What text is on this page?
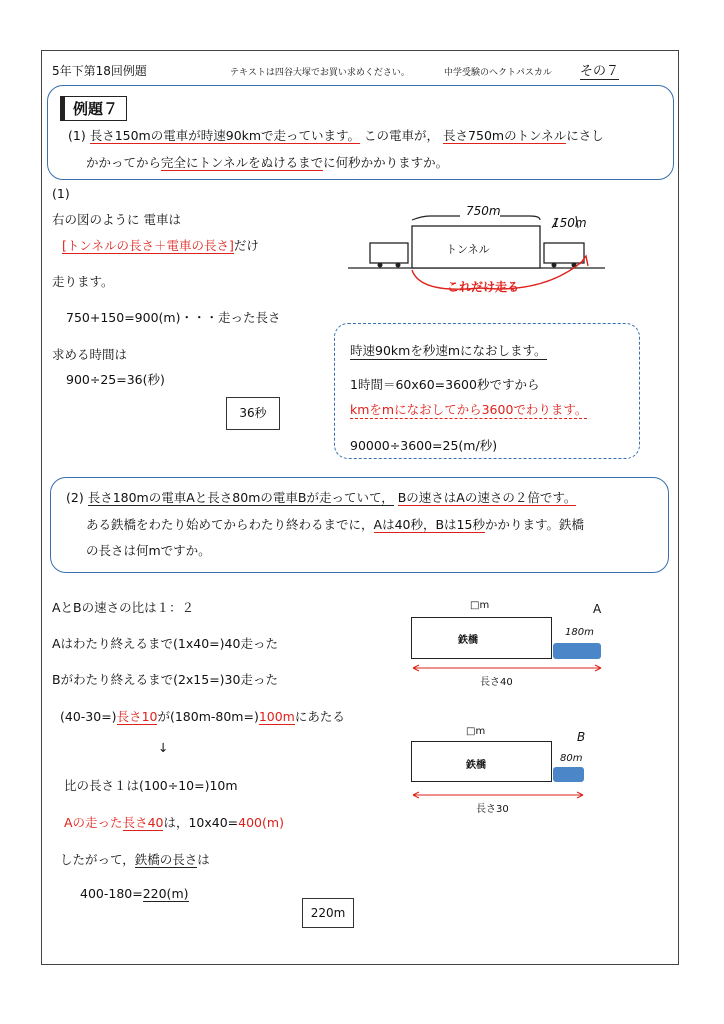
5年下第18回例題	テキストは四谷大塚でお買い求めください。	中学受験のヘクトパスカル その７
例題７
(1) 長さ150mの電車が時速90kmで走っています。 この電車が， 長さ750mのトンネルにさし
かかってから完全にトンネルをぬけるまでに何秒かかりますか。
(1)
右の図のように 電車は
[トンネルの長さ＋電車の長さ]だけ
走ります。
750+150=900(m)・・・走った長さ
求める時間は
900÷25=36(秒)
36秒
750m
150m
トンネル
これだけ走る
時速90kmを秒速mになおします。
1時間＝60x60=3600秒ですから
kmをmになおしてから3600でわります。
90000÷3600=25(m/秒)
(2) 長さ180mの電車Aと長さ80mの電車Bが走っていて， Bの速さはAの速さの２倍です。
ある鉄橋をわたり始めてからわたり終わるまでに，Aは40秒，Bは15秒かかります。鉄橋
の長さは何mですか。
AとBの速さの比は１：２
Aはわたり終えるまで(1x40=)40走った
Bがわたり終えるまで(2x15=)30走った
(40-30=)長さ10が(180m-80m=)100mにあたる
↓
比の長さ１は(100÷10=)10m
Aの走った長さ40は，10x40=400(m)
したがって，鉄橋の長さは
400-180=220(m)
220m
□m	A
鉄橋
180m
長さ40
□m	B
鉄橋
80m
長さ30
